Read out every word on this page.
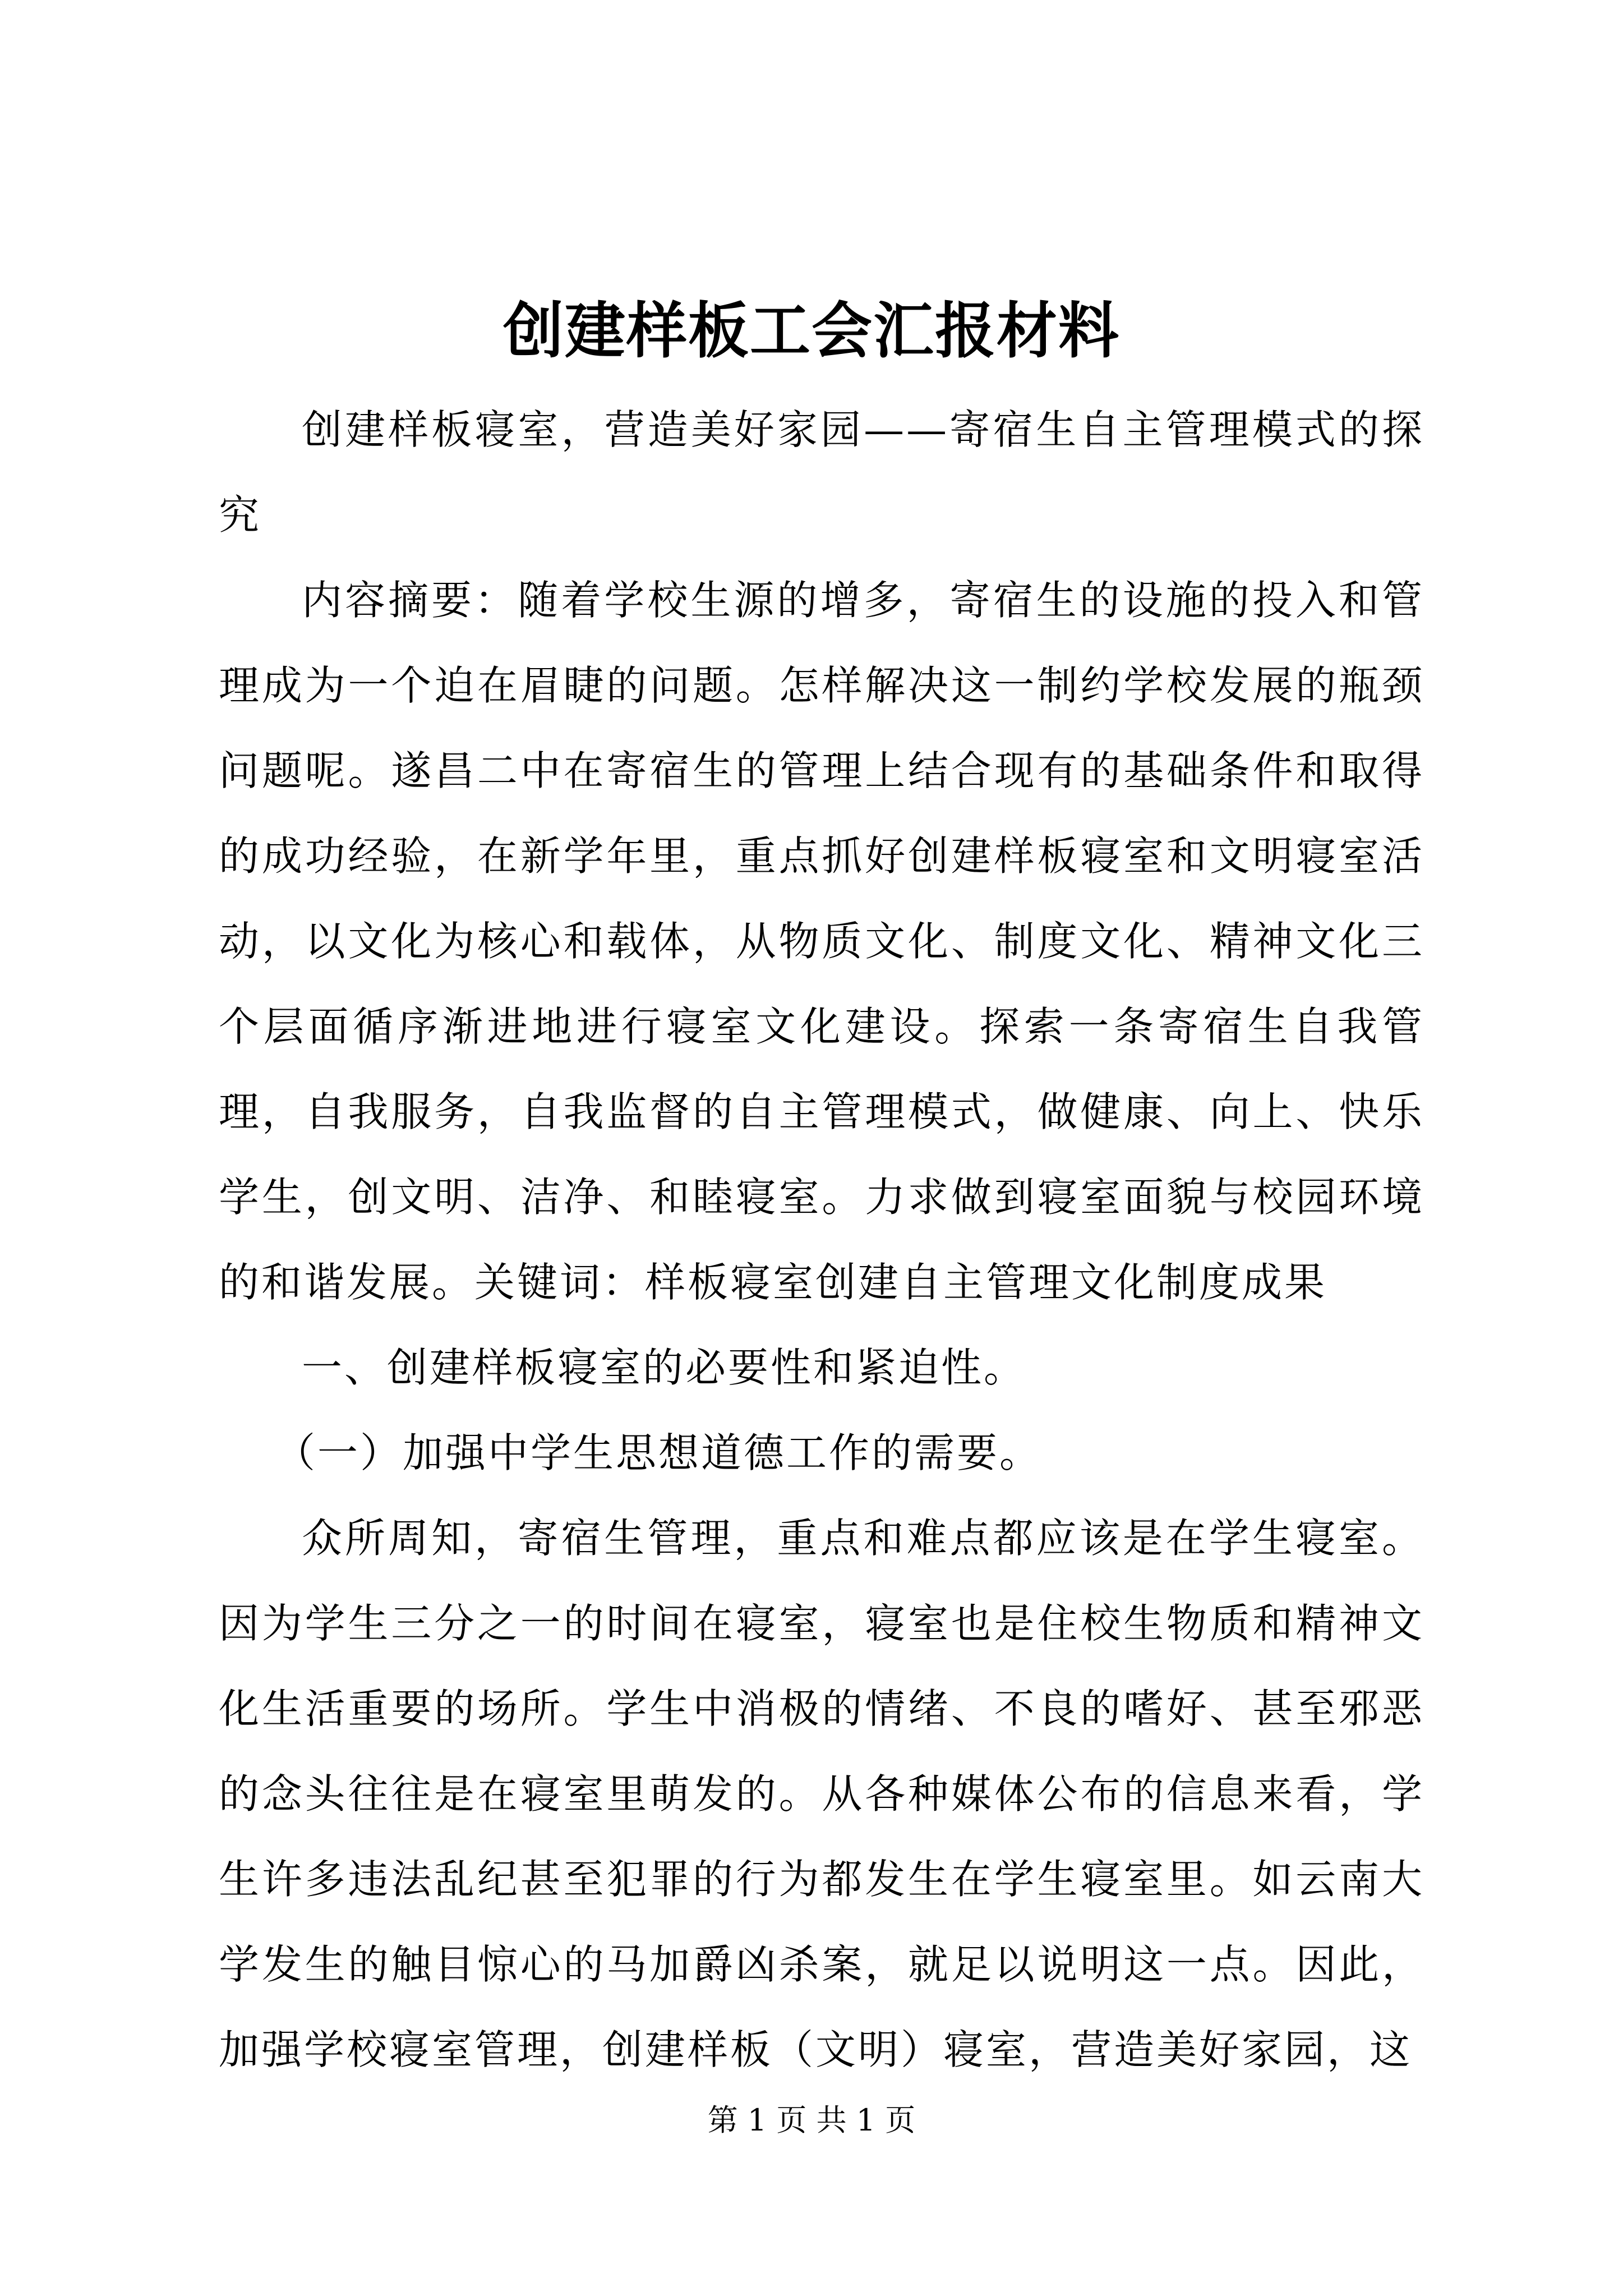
创建样板工会汇报材料

创建样板寝室，营造美好家园——寄宿生自主管理模式的探究

内容摘要：随着学校生源的增多，寄宿生的设施的投入和管理成为一个迫在眉睫的问题。怎样解决这一制约学校发展的瓶颈问题呢。遂昌二中在寄宿生的管理上结合现有的基础条件和取得的成功经验，在新学年里，重点抓好创建样板寝室和文明寝室活动，以文化为核心和载体，从物质文化、制度文化、精神文化三个层面循序渐进地进行寝室文化建设。探索一条寄宿生自我管理，自我服务，自我监督的自主管理模式，做健康、向上、快乐学生，创文明、洁净、和睦寝室。力求做到寝室面貌与校园环境的和谐发展。关键词：样板寝室创建自主管理文化制度成果

一、创建样板寝室的必要性和紧迫性。

（一）加强中学生思想道德工作的需要。

众所周知，寄宿生管理，重点和难点都应该是在学生寝室。因为学生三分之一的时间在寝室，寝室也是住校生物质和精神文化生活重要的场所。学生中消极的情绪、不良的嗜好、甚至邪恶的念头往往是在寝室里萌发的。从各种媒体公布的信息来看，学生许多违法乱纪甚至犯罪的行为都发生在学生寝室里。如云南大学发生的触目惊心的马加爵凶杀案，就足以说明这一点。因此，加强学校寝室管理，创建样板（文明）寝室，营造美好家园，这

第 1 页 共 1 页
